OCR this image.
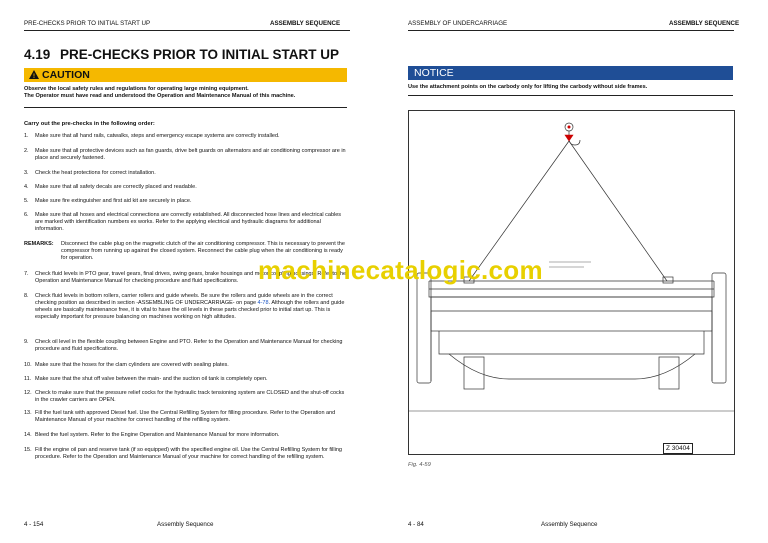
PRE-CHECKS PRIOR TO INITIAL START UP	ASSEMBLY SEQUENCE
4.19 PRE-CHECKS PRIOR TO INITIAL START UP
! CAUTION
Observe the local safety rules and regulations for operating large mining equipment.
The Operator must have read and understood the Operation and Maintenance Manual of this machine.
Carry out the pre-checks in the following order:
1. Make sure that all hand rails, catwalks, steps and emergency escape systems are correctly installed.
2. Make sure that all protective devices such as fan guards, drive belt guards on alternators and air conditioning compressor are in place and securely fastened.
3. Check the heat protections for correct installation.
4. Make sure that all safety decals are correctly placed and readable.
5. Make sure fire extinguisher and first aid kit are securely in place.
6. Make sure that all hoses and electrical connections are correctly established. All disconnected hose lines and electrical cables are marked with identification numbers ex works. Refer to the applying electrical and hydraulic diagrams for additional information.
REMARKS: Disconnect the cable plug on the magnetic clutch of the air conditioning compressor. This is necessary to prevent the compressor from running up against the closed system. Reconnect the cable plug when the air conditioning is ready for operation.
7. Check fluid levels in PTO gear, travel gears, final drives, swing gears, brake housings and motor coupling housings. Refer to the Operation and Maintenance Manual for checking procedure and fluid specifications.
8. Check fluid levels in bottom rollers, carrier rollers and guide wheels. Be sure the rollers and guide wheels are in the correct checking position as described in section -ASSEMBLING OF UNDERCARRIAGE- on page 4-78. Although the rollers and guide wheels are basically maintenance free, it is vital to have the oil levels in these parts checked prior to initial start up. This is especially important for pressure balancing on machines working on high altitudes.
9. Check oil level in the flexible coupling between Engine and PTO. Refer to the Operation and Maintenance Manual for checking procedure and fluid specifications.
10. Make sure that the hoses for the clam cylinders are covered with sealing plates.
11. Make sure that the shut off valve between the main- and the suction oil tank is completely open.
12. Check to make sure that the pressure relief cocks for the hydraulic track tensioning system are CLOSED and the shut-off cocks in the crawler carriers are OPEN.
13. Fill the fuel tank with approved Diesel fuel. Use the Central Refilling System for filling procedure. Refer to the Operation and Maintenance Manual of your machine for correct handling of the refilling system.
14. Bleed the fuel system. Refer to the Engine Operation and Maintenance Manual for more information.
15. Fill the engine oil pan and reserve tank (if so equipped) with the specified engine oil. Use the Central Refilling System for filling procedure. Refer to the Operation and Maintenance Manual of your machine for correct handling of the refilling system.
4 - 154	Assembly Sequence
ASSEMBLY OF UNDERCARRIAGE	ASSEMBLY SEQUENCE
NOTICE
Use the attachment points on the carbody only for lifting the carbody without side frames.
Z 30404
Fig. 4-59
4 - 84	Assembly Sequence
machinecatalogic.com
